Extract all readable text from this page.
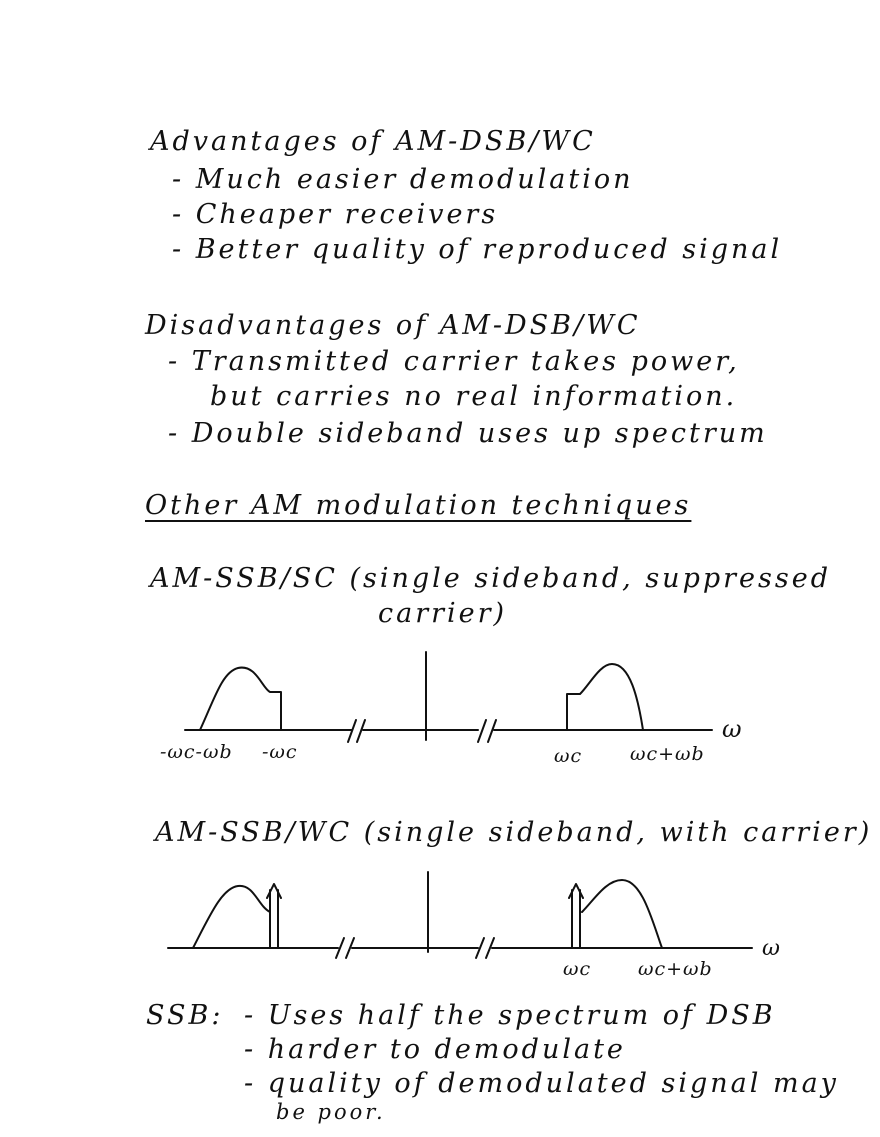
Advantages of AM-DSB/WC
- Much easier demodulation
- Cheaper receivers
- Better quality of reproduced signal
Disadvantages of AM-DSB/WC
- Transmitted carrier takes power,
but carries no real information.
- Double sideband uses up spectrum
Other AM modulation techniques
AM-SSB/SC (single sideband, suppressed
carrier)
-ωc-ωb -ωc	ωc	ωc+ωb
ω
AM-SSB/WC (single sideband, with carrier)
ωc ωc+ωb
ω
SSB: - Uses half the spectrum of DSB
- harder to demodulate
- quality of demodulated signal may
be poor.
